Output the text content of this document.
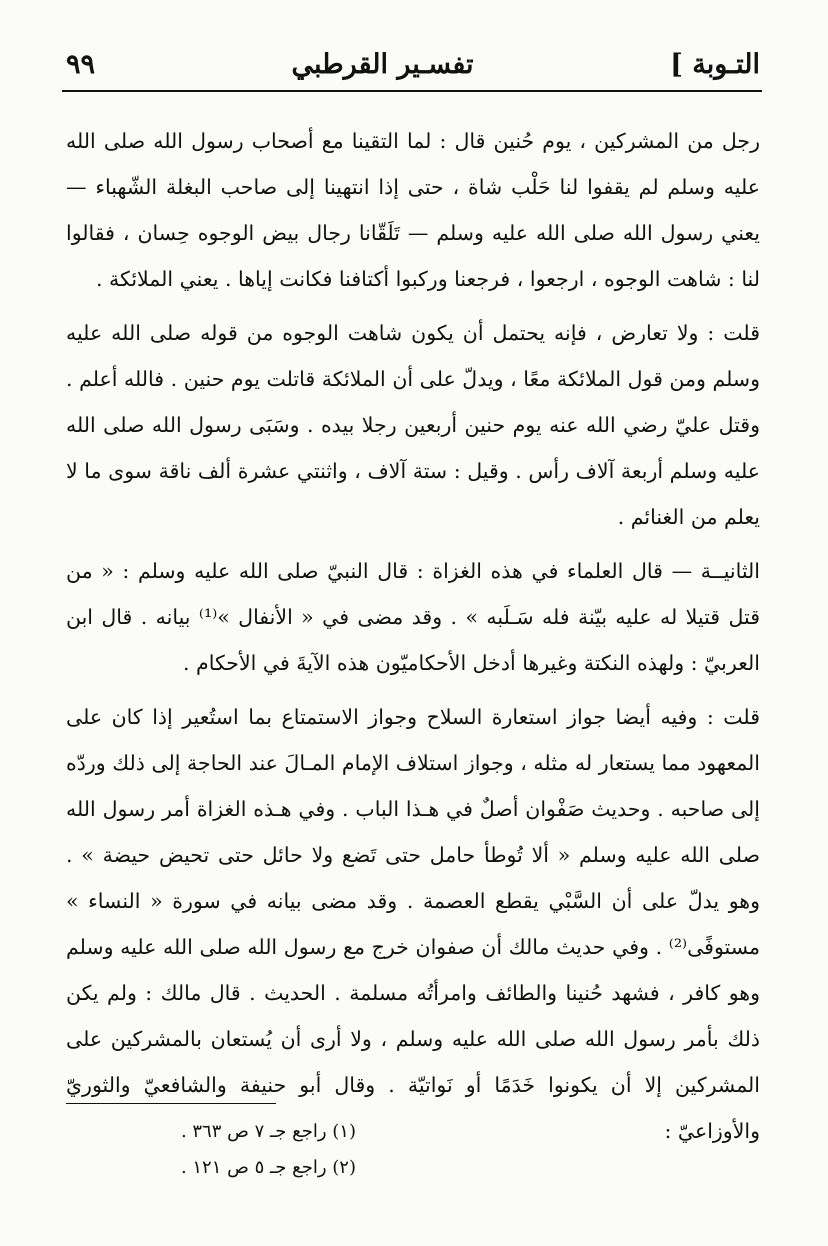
التـوبة ]
تفسـير القرطبي
٩٩

رجل من المشركين ، يوم حُنين قال : لما التقينا مع أصحاب رسول الله صلى الله عليه وسلم لم يقفوا لنا حَلْب شاة ، حتى إذا انتهينا إلى صاحب البغلة الشّهباء — يعني رسول الله صلى الله عليه وسلم — تَلَقّانا رجال بيض الوجوه حِسان ، فقالوا لنا : شاهت الوجوه ، ارجعوا ، فرجعنا وركبوا أكتافنا فكانت إياها . يعني الملائكة .

قلت : ولا تعارض ، فإنه يحتمل أن يكون شاهت الوجوه من قوله صلى الله عليه وسلم ومن قول الملائكة معًا ، ويدلّ على أن الملائكة قاتلت يوم حنين . فالله أعلم . وقتل عليّ رضي الله عنه يوم حنين أربعين رجلا بيده . وسَبَى رسول الله صلى الله عليه وسلم أربعة آلاف رأس . وقيل : ستة آلاف ، واثنتي عشرة ألف ناقة سوى ما لا يعلم من الغنائم .

الثانيــة — قال العلماء في هذه الغزاة : قال النبيّ صلى الله عليه وسلم : « من قتل قتيلا له عليه بيّنة فله سَـلَبه » . وقد مضى في « الأنفال »⁽¹⁾ بيانه . قال ابن العربيّ : ولهذه النكتة وغيرها أدخل الأحكاميّون هذه الآيةَ في الأحكام .

قلت : وفيه أيضا جواز استعارة السلاح وجواز الاستمتاع بما استُعير إذا كان على المعهود مما يستعار له مثله ، وجواز استلاف الإمام المـالَ عند الحاجة إلى ذلك وردّه إلى صاحبه . وحديث صَفْوان أصلٌ في هـذا الباب . وفي هـذه الغزاة أمر رسول الله صلى الله عليه وسلم « ألا تُوطأ حامل حتى تَضع ولا حائل حتى تحيض حيضة » . وهو يدلّ على أن السَّبْي يقطع العصمة . وقد مضى بيانه في سورة « النساء » مستوفًى⁽²⁾ . وفي حديث مالك أن صفوان خرج مع رسول الله صلى الله عليه وسلم وهو كافر ، فشهد حُنينا والطائف وامرأتُه مسلمة . الحديث . قال مالك : ولم يكن ذلك بأمر رسول الله صلى الله عليه وسلم ، ولا أرى أن يُستعان بالمشركين على المشركين إلا أن يكونوا خَدَمًا أو نَواتيّة . وقال أبو حنيفة والشافعيّ والثوريّ والأوزاعيّ :

(١) راجع جـ ٧ ص ٣٦٣ .

(٢) راجع جـ ٥ ص ١٢١ .
